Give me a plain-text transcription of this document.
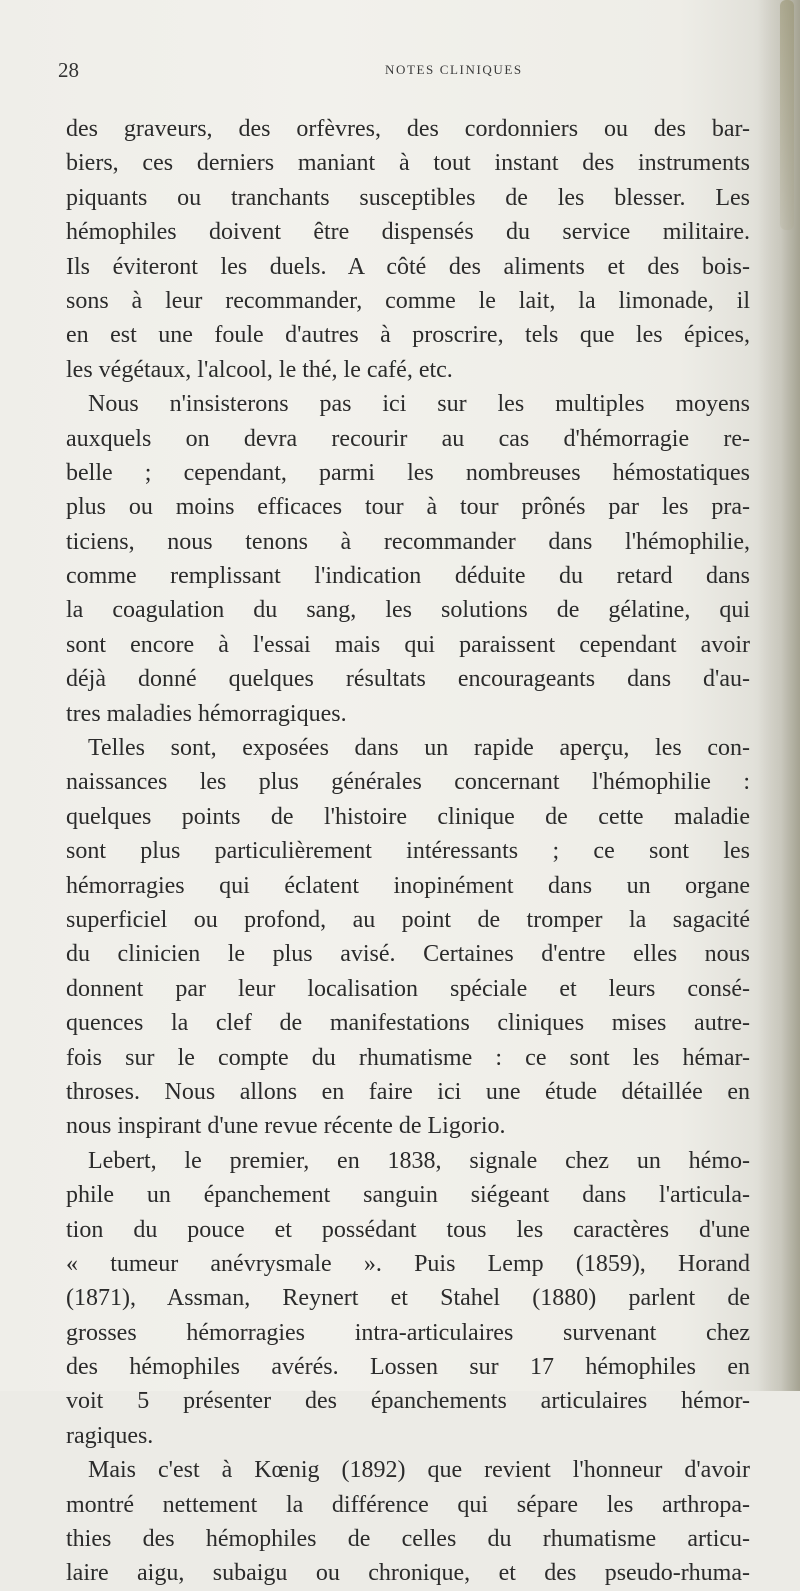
28	NOTES CLINIQUES
des graveurs, des orfèvres, des cordonniers ou des bar-
biers, ces derniers maniant à tout instant des instruments
piquants ou tranchants susceptibles de les blesser. Les
hémophiles doivent être dispensés du service militaire.
Ils éviteront les duels. A côté des aliments et des bois-
sons à leur recommander, comme le lait, la limonade, il
en est une foule d'autres à proscrire, tels que les épices,
les végétaux, l'alcool, le thé, le café, etc.
Nous n'insisterons pas ici sur les multiples moyens
auxquels on devra recourir au cas d'hémorragie re-
belle ; cependant, parmi les nombreuses hémostatiques
plus ou moins efficaces tour à tour prônés par les pra-
ticiens, nous tenons à recommander dans l'hémophilie,
comme remplissant l'indication déduite du retard dans
la coagulation du sang, les solutions de gélatine, qui
sont encore à l'essai mais qui paraissent cependant avoir
déjà donné quelques résultats encourageants dans d'au-
tres maladies hémorragiques.
Telles sont, exposées dans un rapide aperçu, les con-
naissances les plus générales concernant l'hémophilie :
quelques points de l'histoire clinique de cette maladie
sont plus particulièrement intéressants ; ce sont les
hémorragies qui éclatent inopinément dans un organe
superficiel ou profond, au point de tromper la sagacité
du clinicien le plus avisé. Certaines d'entre elles nous
donnent par leur localisation spéciale et leurs consé-
quences la clef de manifestations cliniques mises autre-
fois sur le compte du rhumatisme : ce sont les hémar-
throses. Nous allons en faire ici une étude détaillée en
nous inspirant d'une revue récente de Ligorio.
Lebert, le premier, en 1838, signale chez un hémo-
phile un épanchement sanguin siégeant dans l'articula-
tion du pouce et possédant tous les caractères d'une
« tumeur anévrysmale ». Puis Lemp (1859), Horand
(1871), Assman, Reynert et Stahel (1880) parlent de
grosses hémorragies intra-articulaires survenant chez
des hémophiles avérés. Lossen sur 17 hémophiles en
voit 5 présenter des épanchements articulaires hémor-
ragiques.
Mais c'est à Kœnig (1892) que revient l'honneur d'avoir
montré nettement la différence qui sépare les arthropa-
thies des hémophiles de celles du rhumatisme articu-
laire aigu, subaigu ou chronique, et des pseudo-rhuma-
